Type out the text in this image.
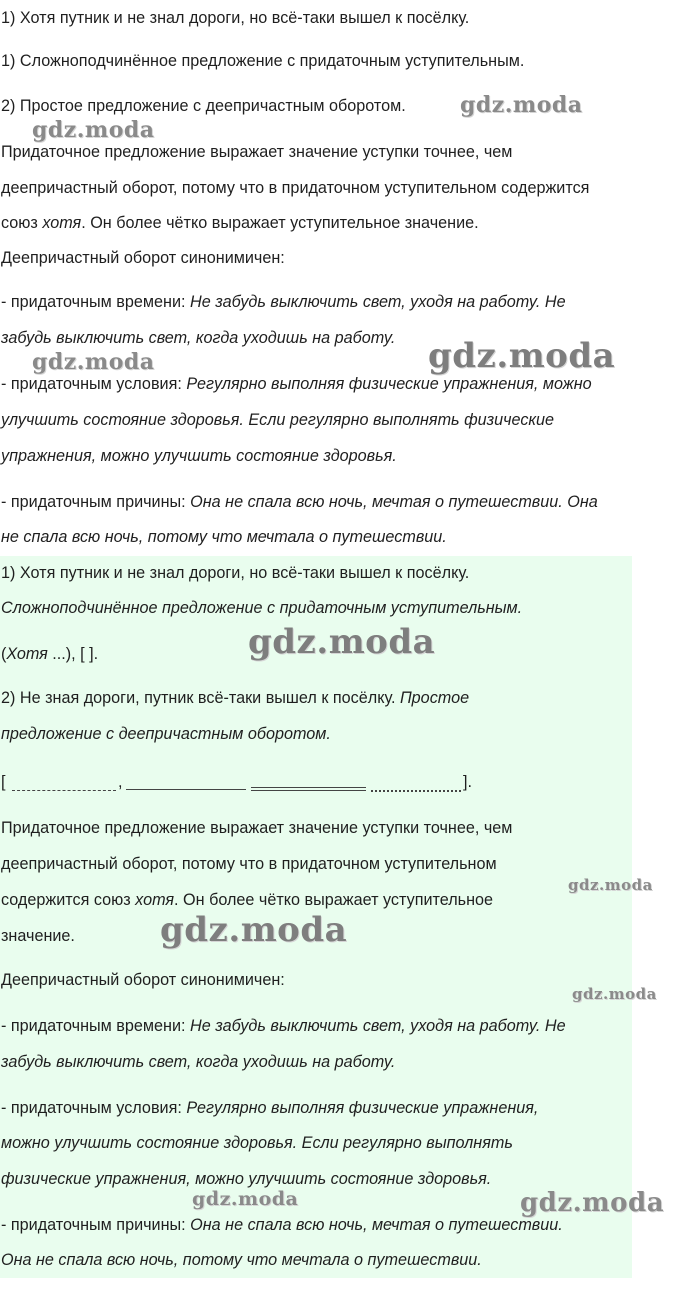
1) Хотя путник и не знал дороги, но всё-таки вышел к посёлку.
1) Сложноподчинённое предложение с придаточным уступительным.
2) Простое предложение с деепричастным оборотом.
Придаточное предложение выражает значение уступки точнее, чем
деепричастный оборот, потому что в придаточном уступительном содержится
союз хотя. Он более чётко выражает уступительное значение.
Деепричастный оборот синонимичен:
- придаточным времени: Не забудь выключить свет, уходя на работу. Не
забудь выключить свет, когда уходишь на работу.
- придаточным условия: Регулярно выполняя физические упражнения, можно
улучшить состояние здоровья. Если регулярно выполнять физические
упражнения, можно улучшить состояние здоровья.
- придаточным причины: Она не спала всю ночь, мечтая о путешествии. Она
не спала всю ночь, потому что мечтала о путешествии.
1) Хотя путник и не знал дороги, но всё-таки вышел к посёлку.
Сложноподчинённое предложение с придаточным уступительным.
(Хотя ...), [ ].
2) Не зная дороги, путник всё-таки вышел к посёлку. Простое
предложение с деепричастным оборотом.
[	,	].
Придаточное предложение выражает значение уступки точнее, чем
деепричастный оборот, потому что в придаточном уступительном
содержится союз хотя. Он более чётко выражает уступительное
значение.
Деепричастный оборот синонимичен:
- придаточным времени: Не забудь выключить свет, уходя на работу. Не
забудь выключить свет, когда уходишь на работу.
- придаточным условия: Регулярно выполняя физические упражнения,
можно улучшить состояние здоровья. Если регулярно выполнять
физические упражнения, можно улучшить состояние здоровья.
- придаточным причины: Она не спала всю ночь, мечтая о путешествии.
Она не спала всю ночь, потому что мечтала о путешествии.
gdz.moda
gdz.moda
gdz.moda	gdz.moda
gdz.moda
gdz.moda
gdz.moda
gdz.moda
gdz.moda	gdz.moda
